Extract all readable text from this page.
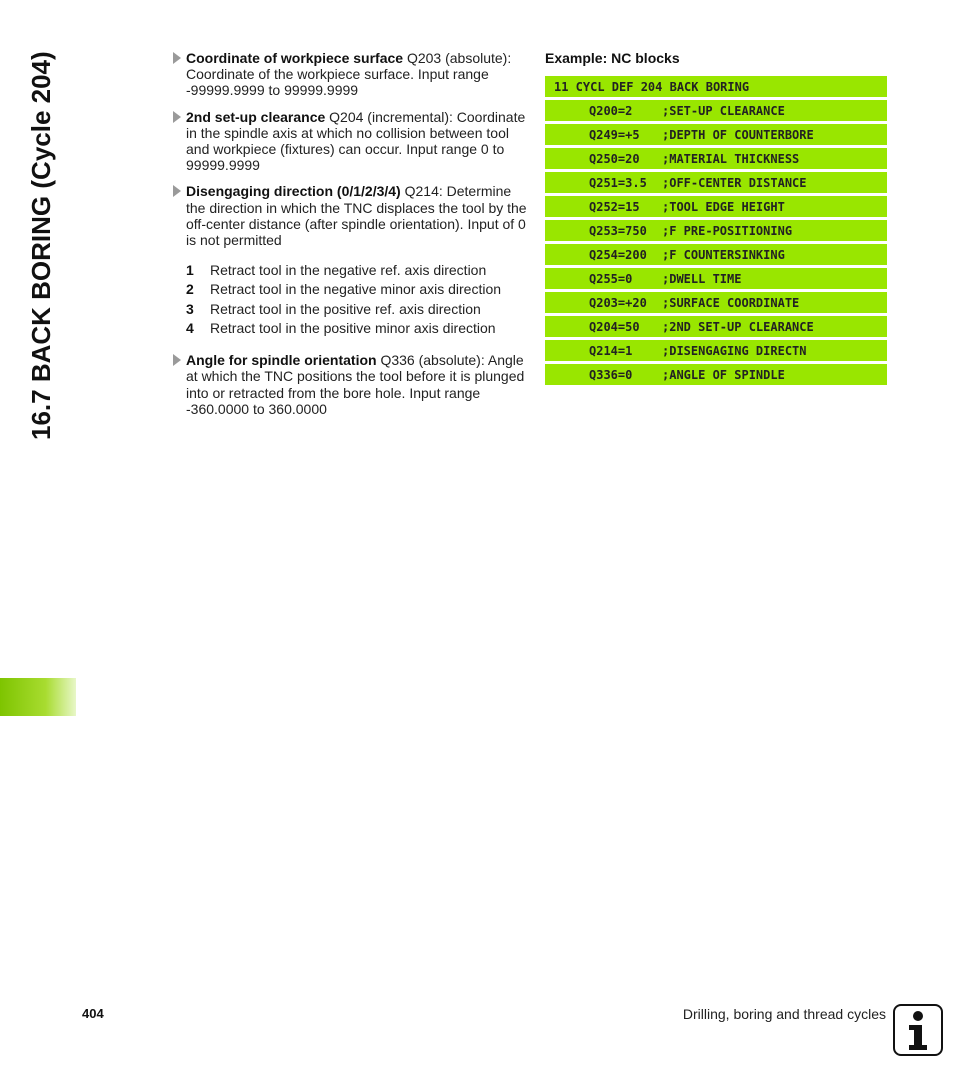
16.7 BACK BORING (Cycle 204)	Coordinate of workpiece surface Q203 (absolute): Coordinate of the workpiece surface. Input range -99999.9999 to 99999.9999
2nd set-up clearance Q204 (incremental): Coordinate in the spindle axis at which no collision between tool and workpiece (fixtures) can occur. Input range 0 to 99999.9999
Disengaging direction (0/1/2/3/4) Q214: Determine the direction in which the TNC displaces the tool by the off-center distance (after spindle orientation). Input of 0 is not permitted
1	Retract tool in the negative ref. axis direction
2	Retract tool in the negative minor axis direction
3	Retract tool in the positive ref. axis direction
4	Retract tool in the positive minor axis direction
Angle for spindle orientation Q336 (absolute): Angle at which the TNC positions the tool before it is plunged into or retracted from the bore hole. Input range -360.0000 to 360.0000
Example: NC blocks
11 CYCL DEF 204 BACK BORING
Q200=2	;SET-UP CLEARANCE
Q249=+5	;DEPTH OF COUNTERBORE
Q250=20	;MATERIAL THICKNESS
Q251=3.5	;OFF-CENTER DISTANCE
Q252=15	;TOOL EDGE HEIGHT
Q253=750	;F PRE-POSITIONING
Q254=200	;F COUNTERSINKING
Q255=0	;DWELL TIME
Q203=+20	;SURFACE COORDINATE
Q204=50	;2ND SET-UP CLEARANCE
Q214=1	;DISENGAGING DIRECTN
Q336=0	;ANGLE OF SPINDLE
404	Drilling, boring and thread cycles
